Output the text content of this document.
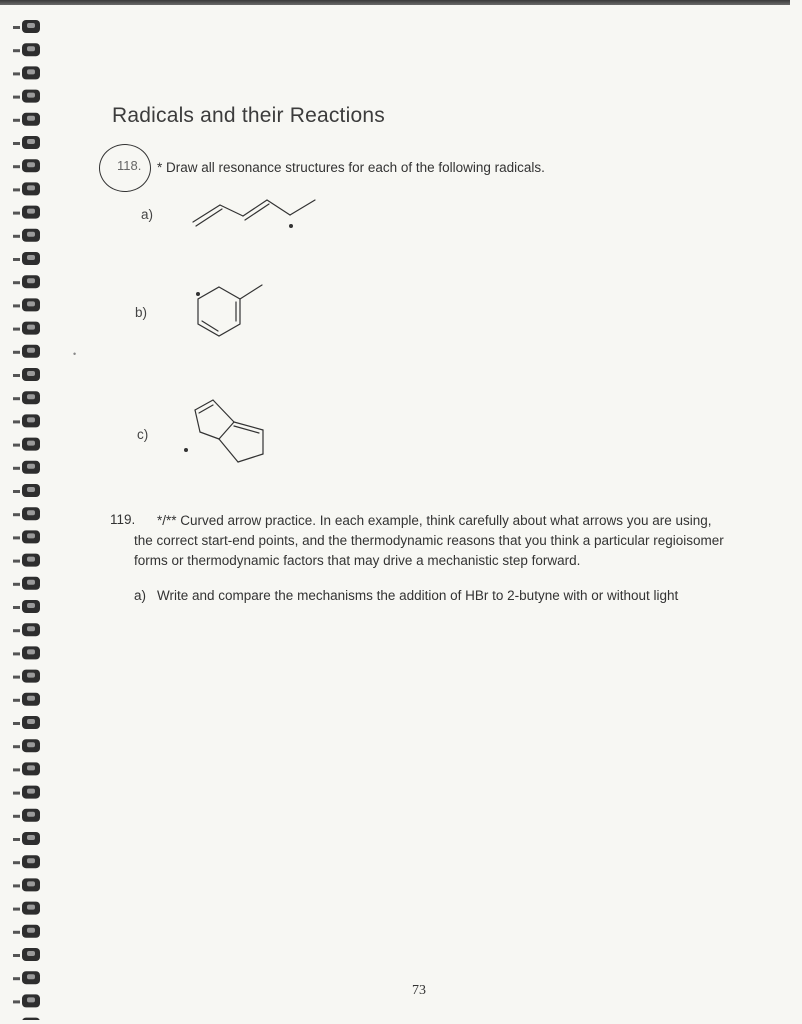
Radicals and their Reactions
118. * Draw all resonance structures for each of the following radicals.
a)
b)
c)
•
119.	*/** Curved arrow practice. In each example, think carefully about what arrows you are using, the correct start-end points, and the thermodynamic reasons that you think a particular regioisomer forms or thermodynamic factors that may drive a mechanistic step forward.
a) Write and compare the mechanisms the addition of HBr to 2-butyne with or without light
73
